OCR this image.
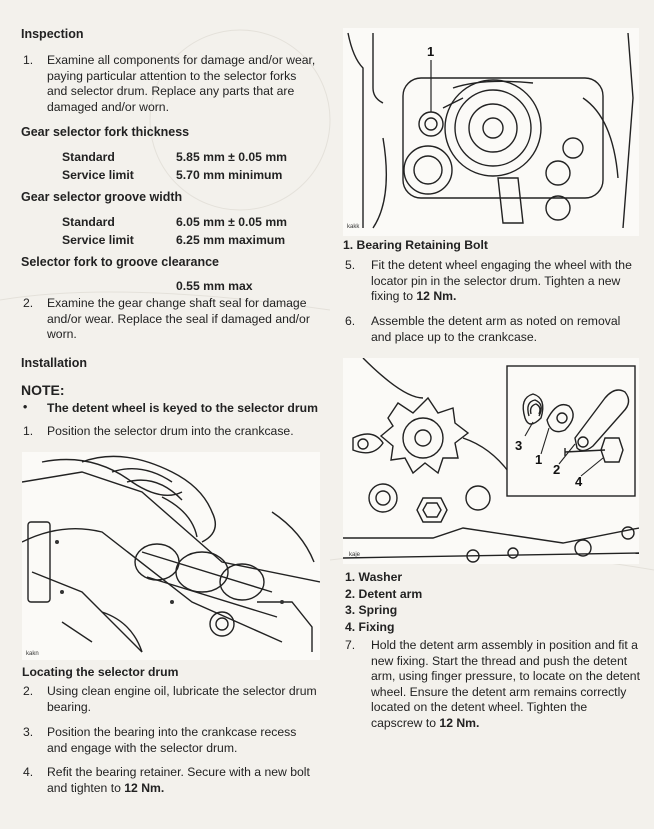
Inspection
1.	Examine all components for damage and/or wear, paying particular attention to the selector forks and selector drum. Replace any parts that are damaged and/or worn.
Gear selector fork thickness
Standard	5.85 mm ± 0.05 mm
Service limit	5.70 mm minimum
Gear selector groove width
Standard	6.05 mm ± 0.05 mm
Service limit	6.25 mm maximum
Selector fork to groove clearance
0.55 mm max
2.	Examine the gear change shaft seal for damage and/or wear. Replace the seal if damaged and/or worn.
Installation
NOTE:
• The detent wheel is keyed to the selector drum
1.	Position the selector drum into the crankcase.
kakn
Locating the selector drum
2.	Using clean engine oil, lubricate the selector drum bearing.
3.	Position the bearing into the crankcase recess and engage with the selector drum.
4.	Refit the bearing retainer. Secure with a new bolt and tighten to 12 Nm.
1
kakk
1. Bearing Retaining Bolt
5.	Fit the detent wheel engaging the wheel with the locator pin in the selector drum. Tighten a new fixing to 12 Nm.
6.	Assemble the detent arm as noted on removal and place up to the crankcase.
3
1
2
4
kaje
1. Washer
2. Detent arm
3. Spring
4. Fixing
7.	Hold the detent arm assembly in position and fit a new fixing. Start the thread and push the detent arm, using finger pressure, to locate on the detent wheel. Ensure the detent arm remains correctly located on the detent wheel. Tighten the capscrew to 12 Nm.
